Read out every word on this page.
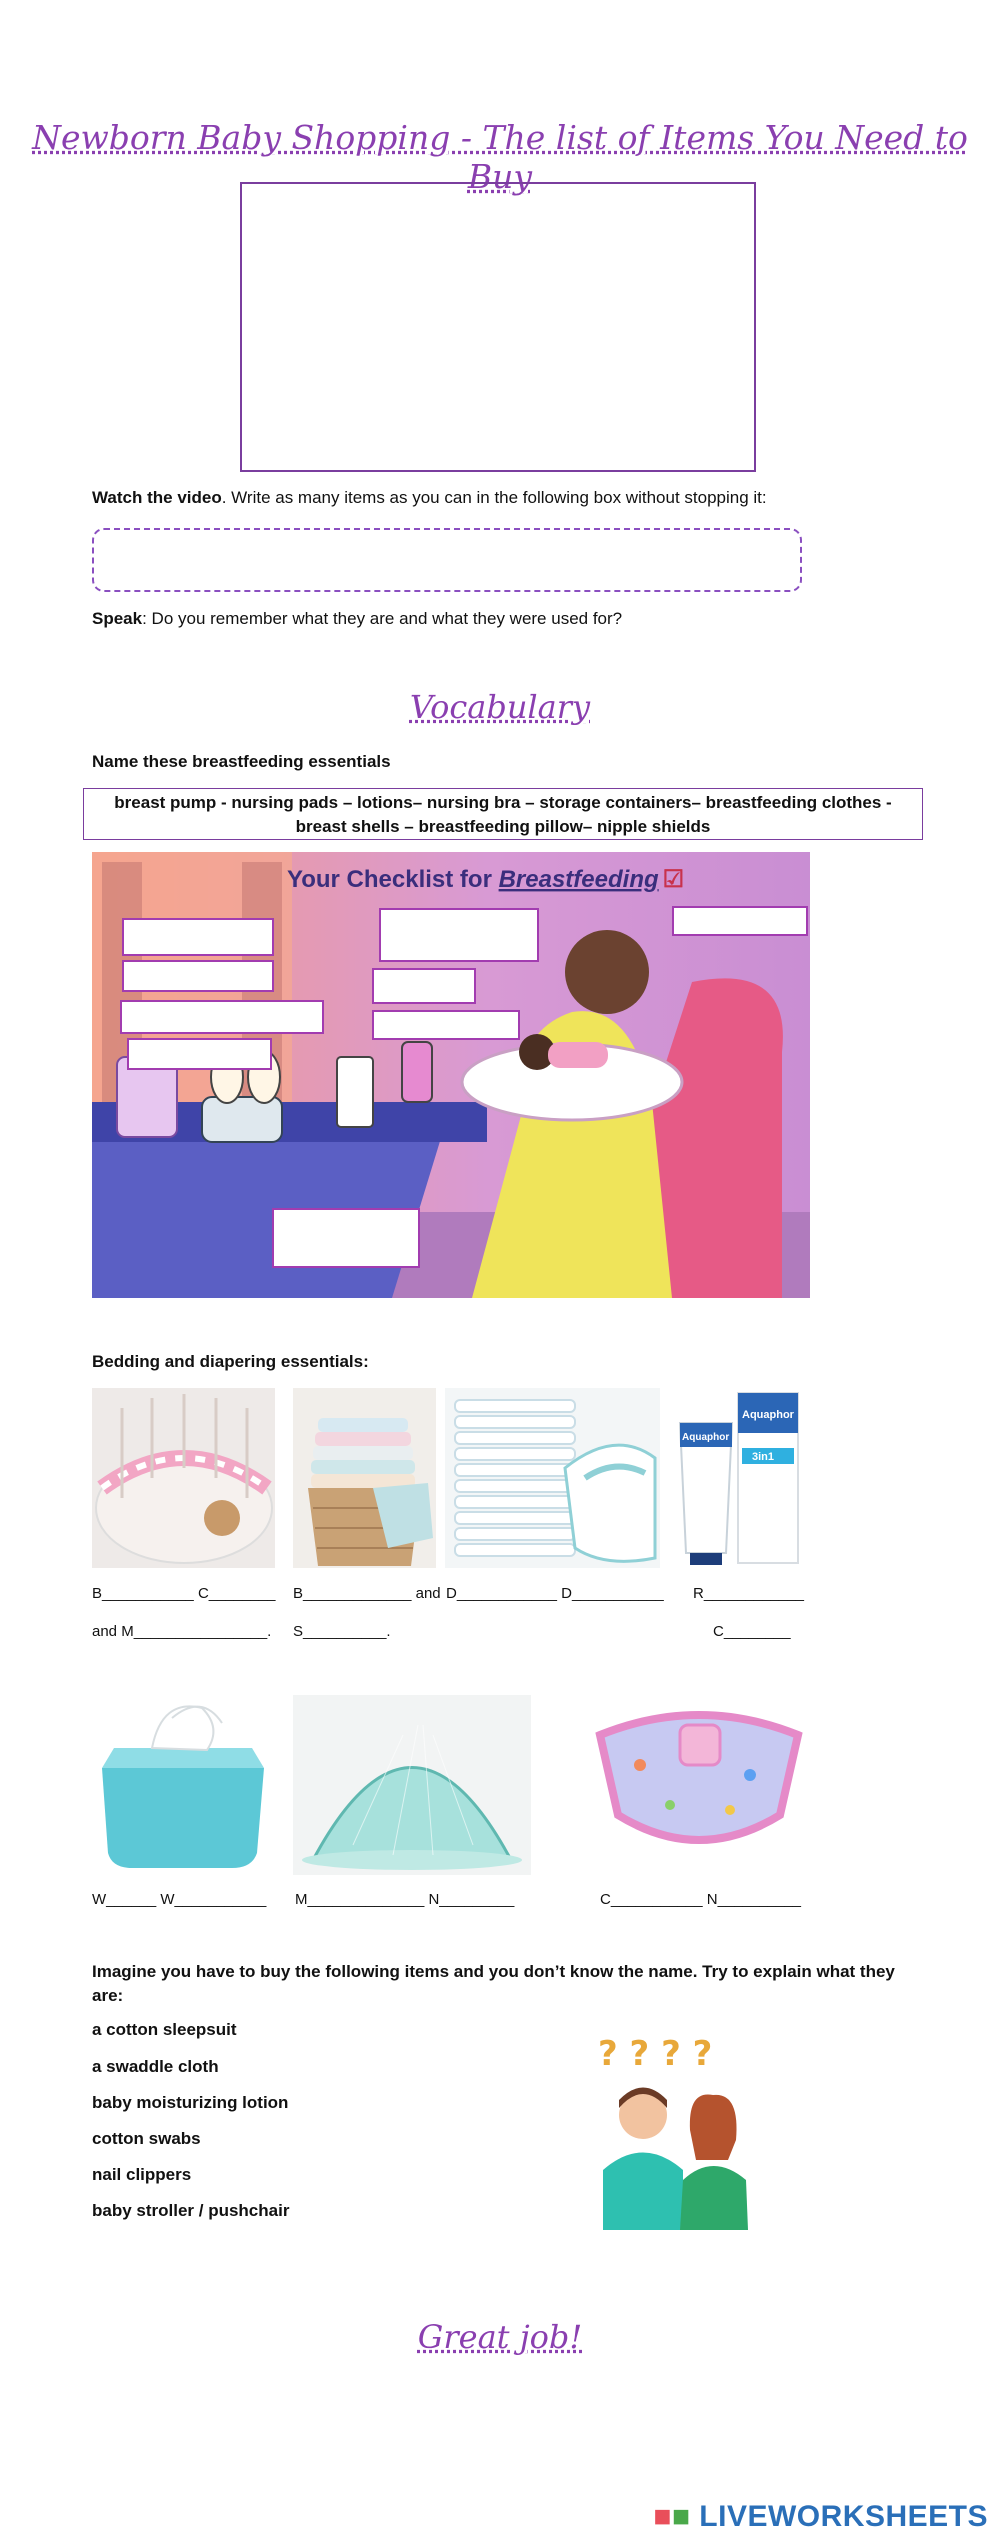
Newborn Baby Shopping - The list of Items You Need to Buy
Watch the video. Write as many items as you can in the following box without stopping it:
Speak: Do you remember what they are and what they were used for?
Vocabulary
Name these breastfeeding essentials
breast pump - nursing pads – lotions– nursing bra – storage containers– breastfeeding clothes -
breast shells – breastfeeding pillow– nipple shields
Your Checklist for Breastfeeding ☑
Bedding and diapering essentials:
Aquaphor
Aquaphor
3in1
B___________ C________ B_____________ and D____________ D___________ R____________
and M________________. S__________.	C________
W______ W___________ M______________ N_________	C___________ N__________
Imagine you have to buy the following items and you don’t know the name. Try to explain what they are:
a cotton sleepsuit
a swaddle cloth
baby moisturizing lotion
cotton swabs
nail clippers
baby stroller / pushchair
? ? ? ?
Great job!
■■ LIVEWORKSHEETS
